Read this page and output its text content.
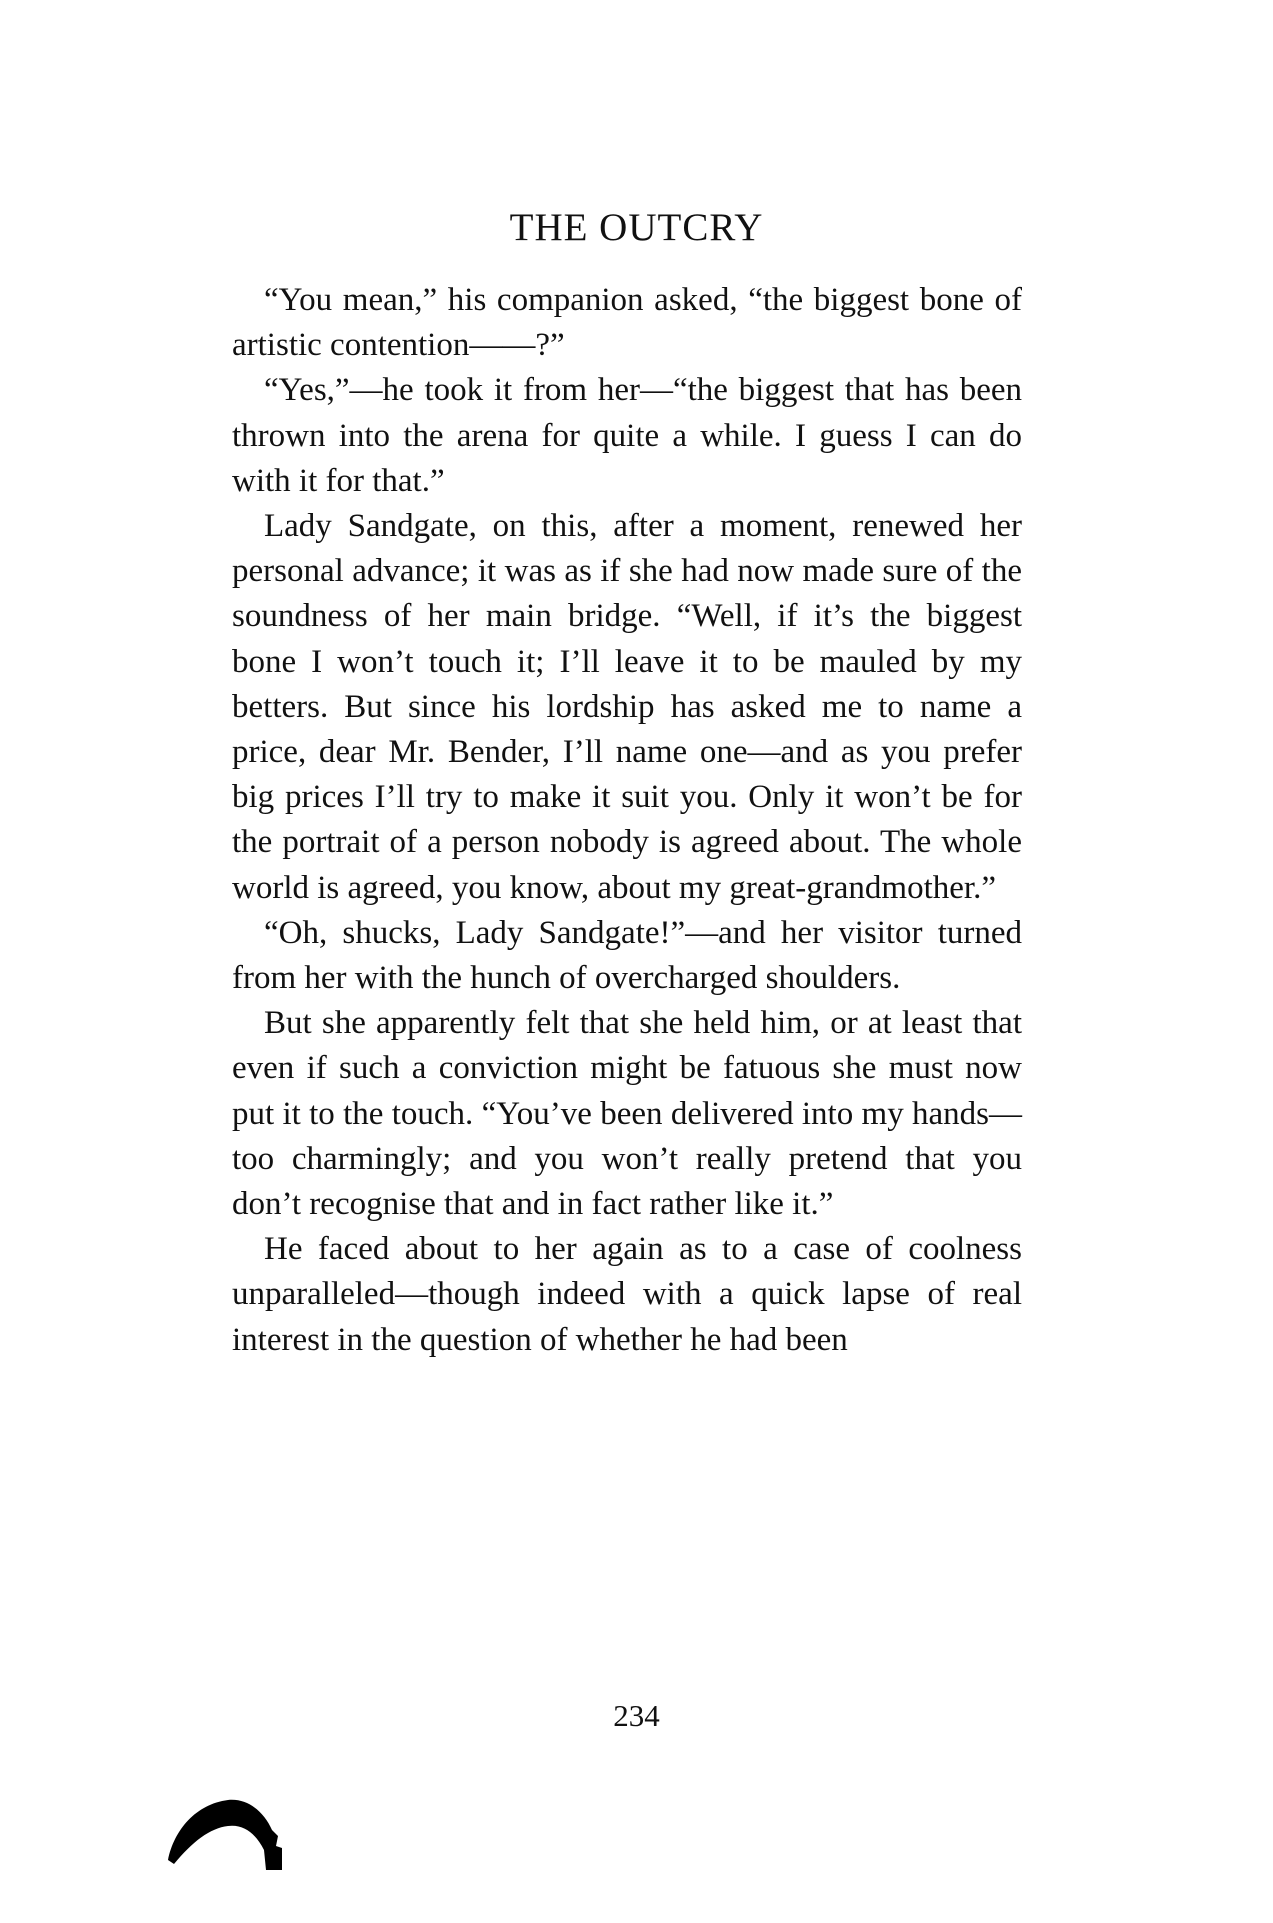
THE OUTCRY

“You mean,” his companion asked, “the biggest bone of artistic contention——?”

“Yes,”—he took it from her—“the biggest that has been thrown into the arena for quite a while. I guess I can do with it for that.”

Lady Sandgate, on this, after a moment, renewed her personal advance; it was as if she had now made sure of the soundness of her main bridge. “Well, if it’s the biggest bone I won’t touch it; I’ll leave it to be mauled by my betters. But since his lordship has asked me to name a price, dear Mr. Bender, I’ll name one—and as you prefer big prices I’ll try to make it suit you. Only it won’t be for the portrait of a person nobody is agreed about. The whole world is agreed, you know, about my great-grandmother.”

“Oh, shucks, Lady Sandgate!”—and her visitor turned from her with the hunch of overcharged shoulders.

But she apparently felt that she held him, or at least that even if such a conviction might be fatuous she must now put it to the touch. “You’ve been delivered into my hands—too charmingly; and you won’t really pretend that you don’t recognise that and in fact rather like it.”

He faced about to her again as to a case of coolness unparalleled—though indeed with a quick lapse of real interest in the question of whether he had been

234
